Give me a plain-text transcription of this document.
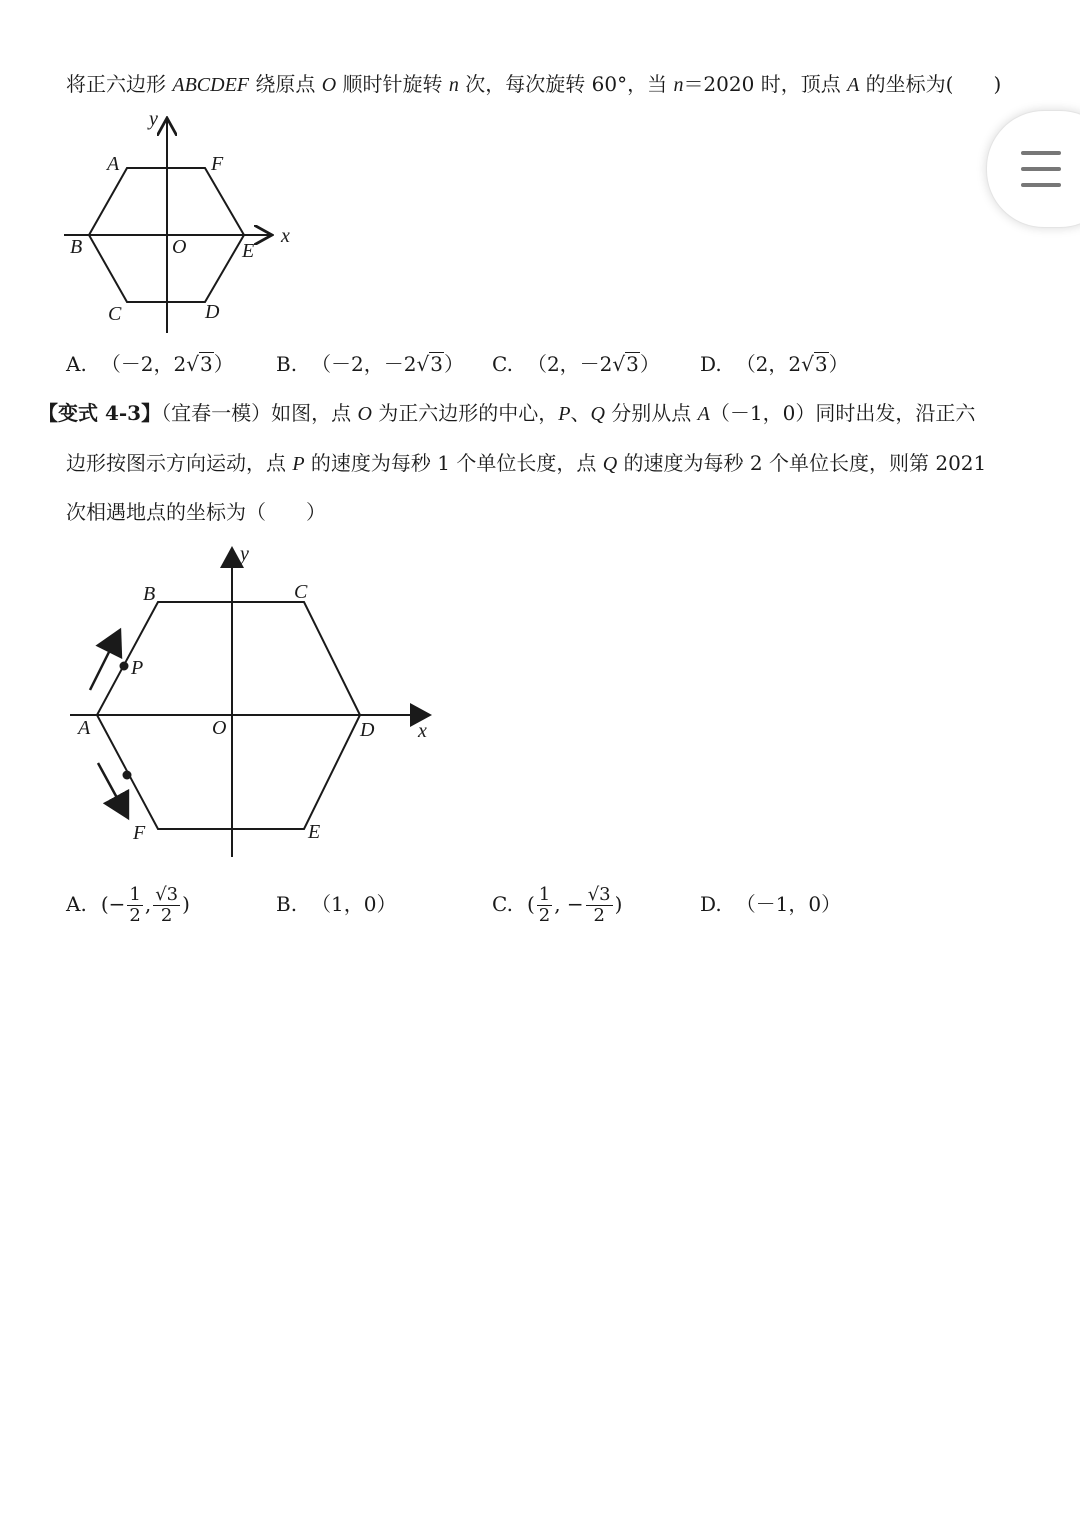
将正六边形 ABCDEF 绕原点 O 顺时针旋转 n 次，每次旋转 60°，当 n＝2020 时，顶点 A 的坐标为(　　)
y
x
A	F
B	O	E
C	D
A. （－2，2√3） B. （－2，－2√3） C. （2，－2√3） D. （2，2√3）
【变式 4-3】（宜春一模）如图，点 O 为正六边形的中心，P、Q 分别从点 A（－1，0）同时出发，沿正六
边形按图示方向运动，点 P 的速度为每秒 1 个单位长度，点 Q 的速度为每秒 2 个单位长度，则第 2021
次相遇地点的坐标为（　　）
y
B	C
P
A	O	D x
F	E
A. (− $\frac{1}{2}$ , $\frac{√3}{2}$ )	B. （1，0）	C. ( $\frac{1}{2}$ , − $\frac{√3}{2}$ )	D. （－1，0）
